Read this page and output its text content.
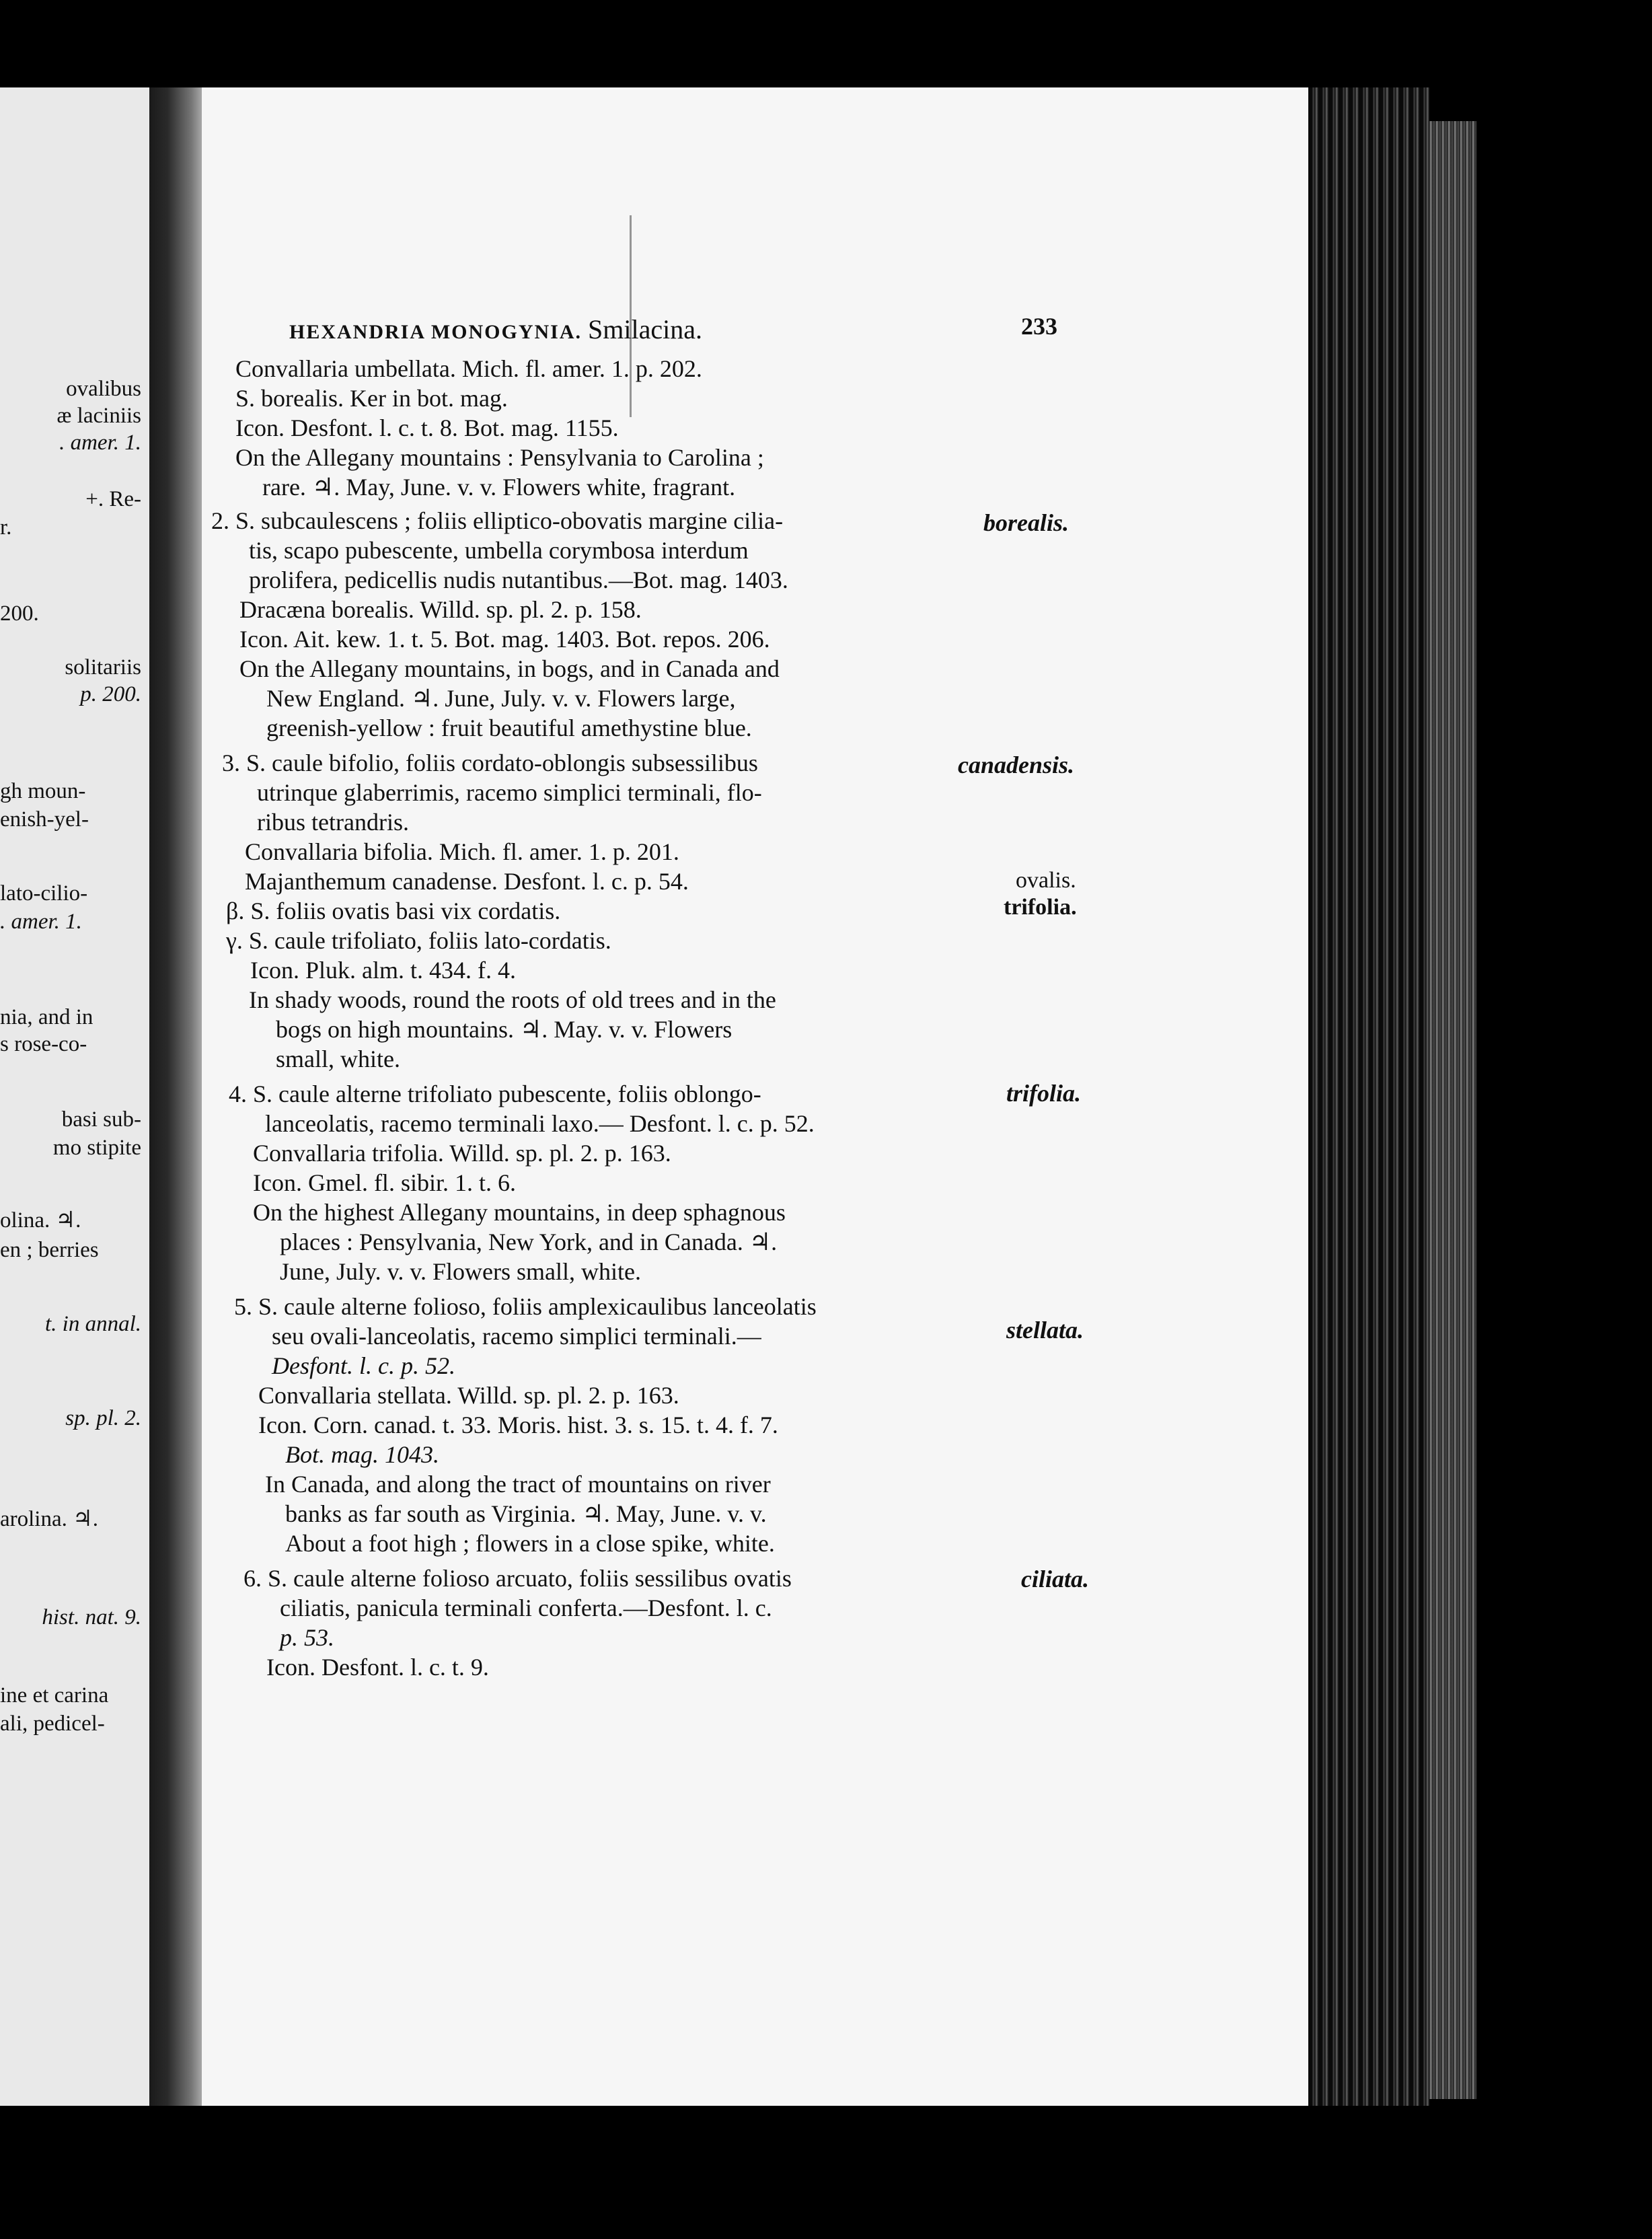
ovalibus
æ laciniis
. amer. 1.
+. Re-
r.
200.
solitariis
p. 200.
gh moun-
enish-yel-
lato-cilio-
. amer. 1.
nia, and in
s rose-co-
basi sub-
mo stipite
olina. ♃.
en ; berries
t. in annal.
sp. pl. 2.
arolina. ♃.
hist. nat. 9.
ine et carina
ali, pedicel-
HEXANDRIA MONOGYNIA. Smilacina.	233
Convallaria umbellata. Mich. fl. amer. 1. p. 202.
S. borealis. Ker in bot. mag.
Icon. Desfont. l. c. t. 8. Bot. mag. 1155.
On the Allegany mountains : Pensylvania to Carolina ;
rare. ♃. May, June. v. v. Flowers white, fragrant.
2. S. subcaulescens ; foliis elliptico-obovatis margine cilia-
tis, scapo pubescente, umbella corymbosa interdum
prolifera, pedicellis nudis nutantibus.—Bot. mag. 1403.
Dracæna borealis. Willd. sp. pl. 2. p. 158.
Icon. Ait. kew. 1. t. 5. Bot. mag. 1403. Bot. repos. 206.
On the Allegany mountains, in bogs, and in Canada and
New England. ♃. June, July. v. v. Flowers large,
greenish-yellow : fruit beautiful amethystine blue.
3. S. caule bifolio, foliis cordato-oblongis subsessilibus
utrinque glaberrimis, racemo simplici terminali, flo-
ribus tetrandris.
Convallaria bifolia. Mich. fl. amer. 1. p. 201.
Majanthemum canadense. Desfont. l. c. p. 54.
β. S. foliis ovatis basi vix cordatis.
γ. S. caule trifoliato, foliis lato-cordatis.
Icon. Pluk. alm. t. 434. f. 4.
In shady woods, round the roots of old trees and in the
bogs on high mountains. ♃. May. v. v. Flowers
small, white.
4. S. caule alterne trifoliato pubescente, foliis oblongo-
lanceolatis, racemo terminali laxo.— Desfont. l. c. p. 52.
Convallaria trifolia. Willd. sp. pl. 2. p. 163.
Icon. Gmel. fl. sibir. 1. t. 6.
On the highest Allegany mountains, in deep sphagnous
places : Pensylvania, New York, and in Canada. ♃.
June, July. v. v. Flowers small, white.
5. S. caule alterne folioso, foliis amplexicaulibus lanceolatis
seu ovali-lanceolatis, racemo simplici terminali.—
Desfont. l. c. p. 52.
Convallaria stellata. Willd. sp. pl. 2. p. 163.
Icon. Corn. canad. t. 33. Moris. hist. 3. s. 15. t. 4. f. 7.
Bot. mag. 1043.
In Canada, and along the tract of mountains on river
banks as far south as Virginia. ♃. May, June. v. v.
About a foot high ; flowers in a close spike, white.
6. S. caule alterne folioso arcuato, foliis sessilibus ovatis
ciliatis, panicula terminali conferta.—Desfont. l. c.
p. 53.
Icon. Desfont. l. c. t. 9.
borealis.
canadensis.
ovalis.
trifolia.
trifolia.
stellata.
ciliata.
